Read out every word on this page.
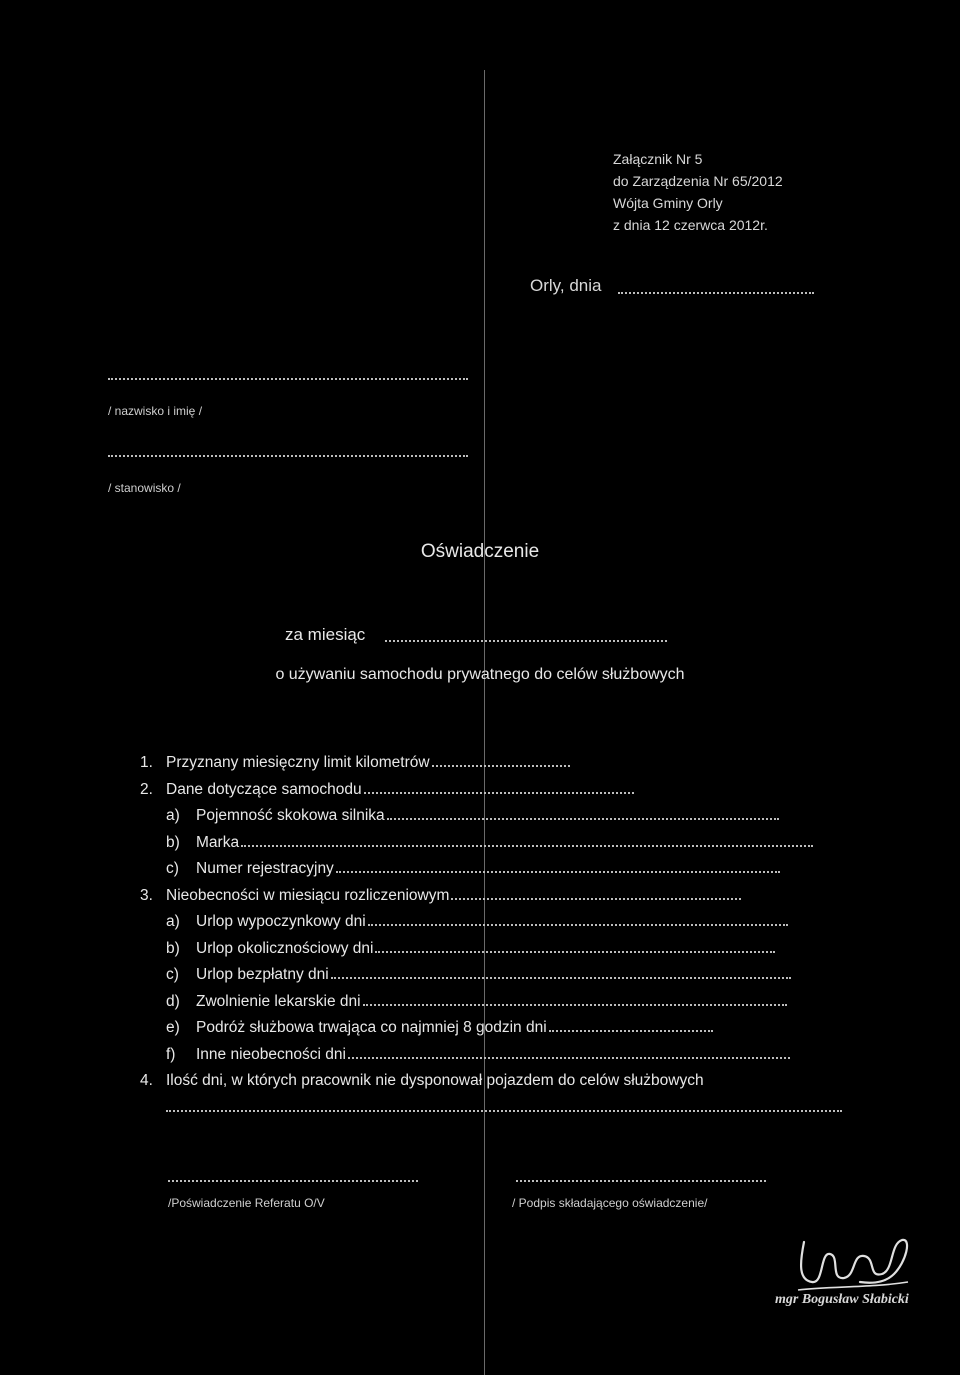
Załącznik Nr 5
do Zarządzenia Nr 65/2012
Wójta Gminy Orly
z dnia 12 czerwca 2012r.
Orly, dnia
/ nazwisko i imię /
/ stanowisko /
Oświadczenie
za miesiąc
o używaniu samochodu prywatnego do celów służbowych
1. Przyznany miesięczny limit kilometrów
2. Dane dotyczące samochodu
a) Pojemność skokowa silnika
b) Marka
c) Numer rejestracyjny
3. Nieobecności w miesiącu rozliczeniowym
a) Urlop wypoczynkowy dni
b) Urlop okolicznościowy dni
c) Urlop bezpłatny dni
d) Zwolnienie lekarskie dni
e) Podróż służbowa trwająca co najmniej 8 godzin dni
f) Inne nieobecności dni
4. Ilość dni, w których pracownik nie dysponował pojazdem do celów służbowych
/Poświadczenie Referatu O/V	/ Podpis składającego oświadczenie/
mgr Bogusław Słabicki
